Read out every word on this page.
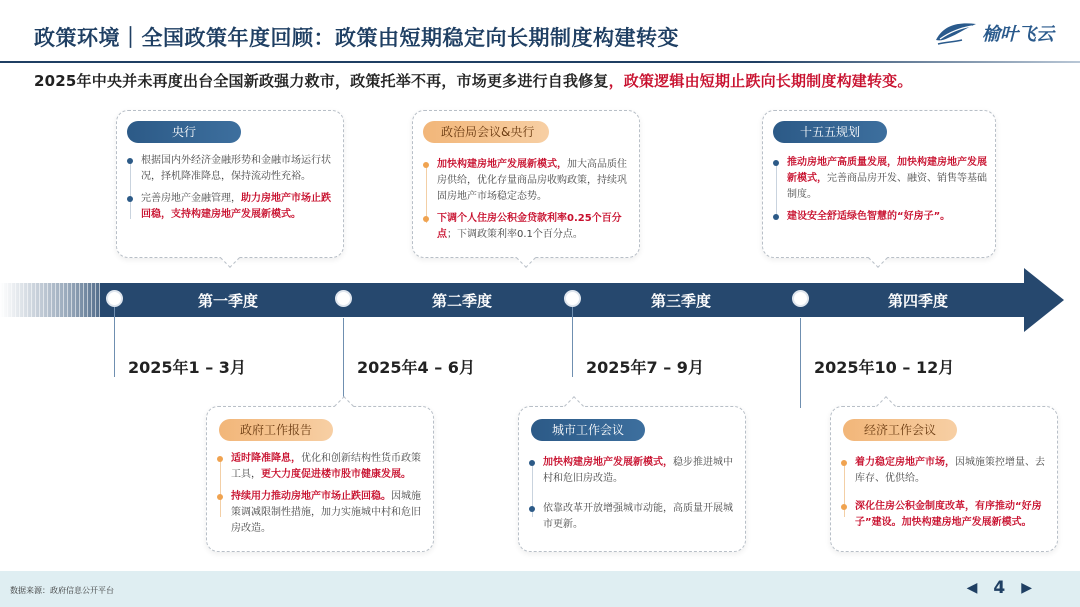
政策环境｜全国政策年度回顾：政策由短期稳定向长期制度构建转变	榆叶飞云
2025年中央并未再度出台全国新政强力救市，政策托举不再，市场更多进行自我修复，政策逻辑由短期止跌向长期制度构建转变。
央行
根据国内外经济金融形势和金融市场运行状况，择机降准降息，保持流动性充裕。
完善房地产金融管理，助力房地产市场止跌回稳，支持构建房地产发展新模式。
政治局会议&央行
加快构建房地产发展新模式，加大高品质住房供给，优化存量商品房收购政策，持续巩固房地产市场稳定态势。
下调个人住房公积金贷款利率0.25个百分点；下调政策利率0.1个百分点。
十五五规划
推动房地产高质量发展，加快构建房地产发展新模式，完善商品房开发、融资、销售等基础制度。
建设安全舒适绿色智慧的“好房子”。
第一季度	第二季度	第三季度	第四季度
2025年1 – 3月	2025年4 – 6月	2025年7 – 9月	2025年10 – 12月
政府工作报告
适时降准降息，优化和创新结构性货币政策工具，更大力度促进楼市股市健康发展。
持续用力推动房地产市场止跌回稳。因城施策调减限制性措施，加力实施城中村和危旧房改造。
城市工作会议
加快构建房地产发展新模式，稳步推进城中村和危旧房改造。
依靠改革开放增强城市动能，高质量开展城市更新。
经济工作会议
着力稳定房地产市场，因城施策控增量、去库存、优供给。
深化住房公积金制度改革，有序推动“好房子”建设。加快构建房地产发展新模式。
数据来源：政府信息公开平台	◀ 4 ▶
